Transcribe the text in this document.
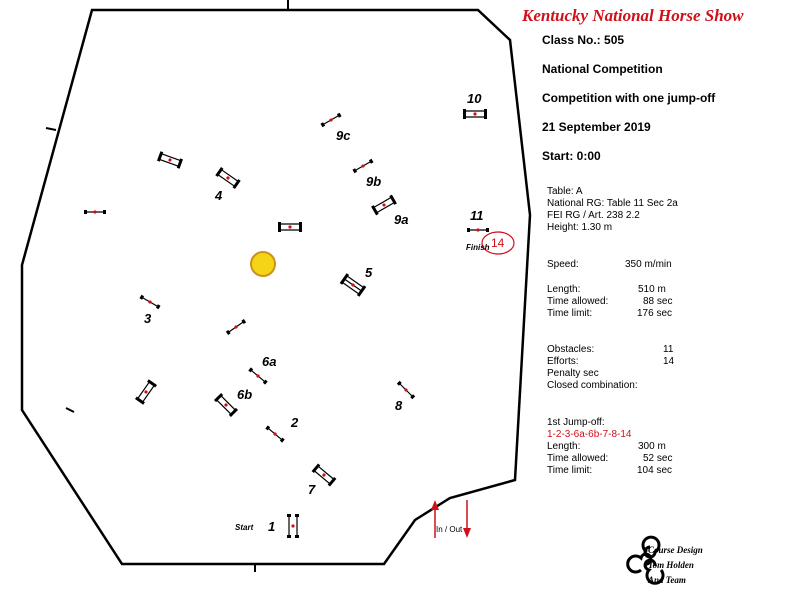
In / Out
14
1
2
3
4
5
6a
6b
7
8
9a
9b
9c
10
11
Start
Finish
Kentucky National Horse Show
Class No.: 505
National Competition
Competition with one jump-off
21 September 2019
Start: 0:00
Table: A
National RG: Table 11 Sec 2a
FEI RG / Art. 238 2.2
Height: 1.30 m
Speed:	350 m/min
Length:	510 m
Time allowed:	88 sec
Time limit:	176 sec
Obstacles:	11
Efforts:	14
Penalty sec
Closed combination:
1st Jump-off:
1-2-3-6a-6b-7-8-14
Length:	300 m
Time allowed:	52 sec
Time limit:	104 sec
Course Design
Tom Holden
And Team
